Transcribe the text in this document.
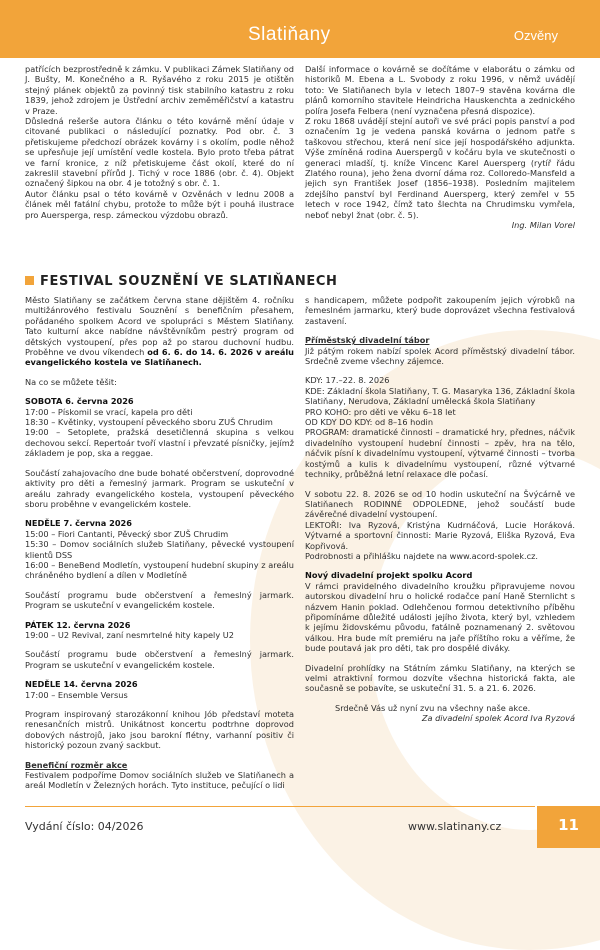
Slatiňany	Ozvěny

patřících bezprostředně k zámku. V publikaci Zámek Slatiňany od J. Bušty, M. Konečného a R. Ryšavého z roku 2015 je otištěn stejný plánek objektů za povinný tisk stabilního katastru z roku 1839, jehož zdrojem je Ústřední archiv zeměměřičství a katastru v Praze.

Důsledná rešerše autora článku o této kovárně mění údaje v citované publikaci o následující poznatky. Pod obr. č. 3 přetiskujeme předchozí obrázek kovárny i s okolím, podle něhož se upřesňuje její umístění vedle kostela. Bylo proto třeba pátrat ve farní kronice, z níž přetiskujeme část okolí, které do ní zakreslil stavební přírůd J. Tichý v roce 1886 (obr. č. 4). Objekt označený šipkou na obr. 4 je totožný s obr. č. 1.

Autor článku psal o této kovárně v Ozvěnách v lednu 2008 a článek měl fatální chybu, protože to může být i pouhá ilustrace pro Auersperga, resp. zámeckou výzdobu obrazů.

Další informace o kovárně se dočítáme v elaborátu o zámku od historiků M. Ebena a L. Svobody z roku 1996, v němž uvádějí toto: Ve Slatiňanech byla v letech 1807–9 stavěna kovárna dle plánů komorního stavitele Heindrichа Hauskenchta a zednického políra Josefa Felbera (není vyznačena přesná dispozice).

Z roku 1868 uvádějí stejní autoři ve své práci popis panství a pod označením 1g je vedena panská kovárna o jednom patře s taškovou střechou, která není sice její hospodářského adjunkta. Výše zmíněná rodina Auerspergů v kočáru byla ve skutečnosti o generaci mladší, tj. kníže Vincenc Karel Auersperg (rytíř řádu Zlatého rouna), jeho žena dvorní dáma roz. Colloredo-Mansfeld a jejich syn František Josef (1856–1938). Posledním majitelem zdejšího panství byl Ferdinand Auersperg, který zemřel v 55 letech v roce 1942, čímž tato šlechta na Chrudimsku vymřela, neboť nebyl žnat (obr. č. 5).

Ing. Milan Vorel

FESTIVAL SOUZNĚNÍ VE SLATIŇANECH

Město Slatiňany se začátkem června stane dějištěm 4. ročníku multižánrového festivalu Souznění s benefičním přesahem, pořádaného spolkem Acord ve spolupráci s Městem Slatiňany. Tato kulturní akce nabídne návštěvníkům pestrý program od dětských vystoupení, přes pop až po starou duchovní hudbu. Proběhne ve dvou víkendech od 6. 6. do 14. 6. 2026 v areálu evangelického kostela ve Slatiňanech.

Na co se můžete těšit:

SOBOTA 6. června 2026

17:00 – Pískomil se vrací, kapela pro děti

18:30 – Květinky, vystoupení pěveckého sboru ZUŠ Chrudim

19:00 – Setoplete, pražská desetičlenná skupina s velkou dechovou sekcí. Repertoár tvoří vlastní i převzaté písničky, jejímž základem je pop, ska a reggae.

Součástí zahajovacího dne bude bohaté občerstvení, doprovodné aktivity pro děti a řemeslný jarmark. Program se uskuteční v areálu zahrady evangelického kostela, vystoupení pěveckého sboru proběhne v evangelickém kostele.

NEDĚLE 7. června 2026

15:00 – Fiori Cantanti, Pěvecký sbor ZUŠ Chrudim

15:30 – Domov sociálních služeb Slatiňany, pěvecké vystoupení klientů DSS

16:00 – BeneBend Modletín, vystoupení hudební skupiny z areálu chráněného bydlení a dílen v Modletíně

Součástí programu bude občerstvení a řemeslný jarmark. Program se uskuteční v evangelickém kostele.

PÁTEK 12. června 2026

19:00 – U2 Revival, zaní nesmrtelné hity kapely U2

Součástí programu bude občerstvení a řemeslný jarmark. Program se uskuteční v evangelickém kostele.

NEDĚLE 14. června 2026

17:00 – Ensemble Versus

Program inspirovaný starozákonní knihou Jób představí moteta renesančních mistrů. Unikátnost koncertu podtrhne doprovod dobových nástrojů, jako jsou barokní flétny, varhanní positiv či historický pozoun zvaný sackbut.

Benefiční rozměr akce

Festivalem podpoříme Domov sociálních služeb ve Slatiňanech a areál Modletín v Železných horách. Tyto instituce, pečující o lidi

s handicapem, můžete podpořit zakoupením jejich výrobků na řemeslném jarmarku, který bude doprovázet všechna festivalová zastavení.

Příměstský divadelní tábor

Již pátým rokem nabízí spolek Acord příměstský divadelní tábor. Srdečně zveme všechny zájemce.

KDY: 17.–22. 8. 2026

KDE: Základní škola Slatiňany, T. G. Masaryka 136, Základní škola Slatiňany, Nerudova, Základní umělecká škola Slatiňany

PRO KOHO: pro děti ve věku 6–18 let

OD KDY DO KDY: od 8–16 hodin

PROGRAM: dramatické činnosti – dramatické hry, přednes, náčvik divadelního vystoupení hudební činnosti – zpěv, hra na tělo, náčvik písní k divadelnímu vystoupení, výtvarné činnosti – tvorba kostýmů a kulis k divadelnímu vystoupení, různé výtvarné techniky, průběžná letní relaxace dle počasí.

V sobotu 22. 8. 2026 se od 10 hodin uskuteční na Švýcárně ve Slatiňanech RODINNÉ ODPOLEDNE, jehož součástí bude závěrečné divadelní vystoupení.

LEKTOŘI: Iva Ryzová, Kristýna Kudrnáčová, Lucie Horáková. Výtvarné a sportovní činnosti: Marie Ryzová, Eliška Ryzová, Eva Kopřivová.

Podrobnosti a přihlášku najdete na www.acord-spolek.cz.

Nový divadelní projekt spolku Acord

V rámci pravidelného divadelního kroužku připravujeme novou autorskou divadelní hru o holické rodačce paní Haně Sternlicht s názvem Hanin poklad. Odlehčenou formou detektivního příběhu připomínáme důležité události jejího života, který byl, vzhledem k jejímu židovskému původu, fatálně poznamenaný 2. světovou válkou. Hra bude mít premiéru na jaře příštího roku a věříme, že bude poutavá jak pro děti, tak pro dospělé diváky.

Divadelní prohlídky na Státním zámku Slatiňany, na kterých se velmi atraktivní formou dozvíte všechna historická fakta, ale současně se pobavíte, se uskuteční 31. 5. a 21. 6. 2026.

Srdečně Vás už nyní zvu na všechny naše akce.

Za divadelní spolek Acord Iva Ryzová

Vydání číslo: 04/2026	www.slatinany.cz	11
